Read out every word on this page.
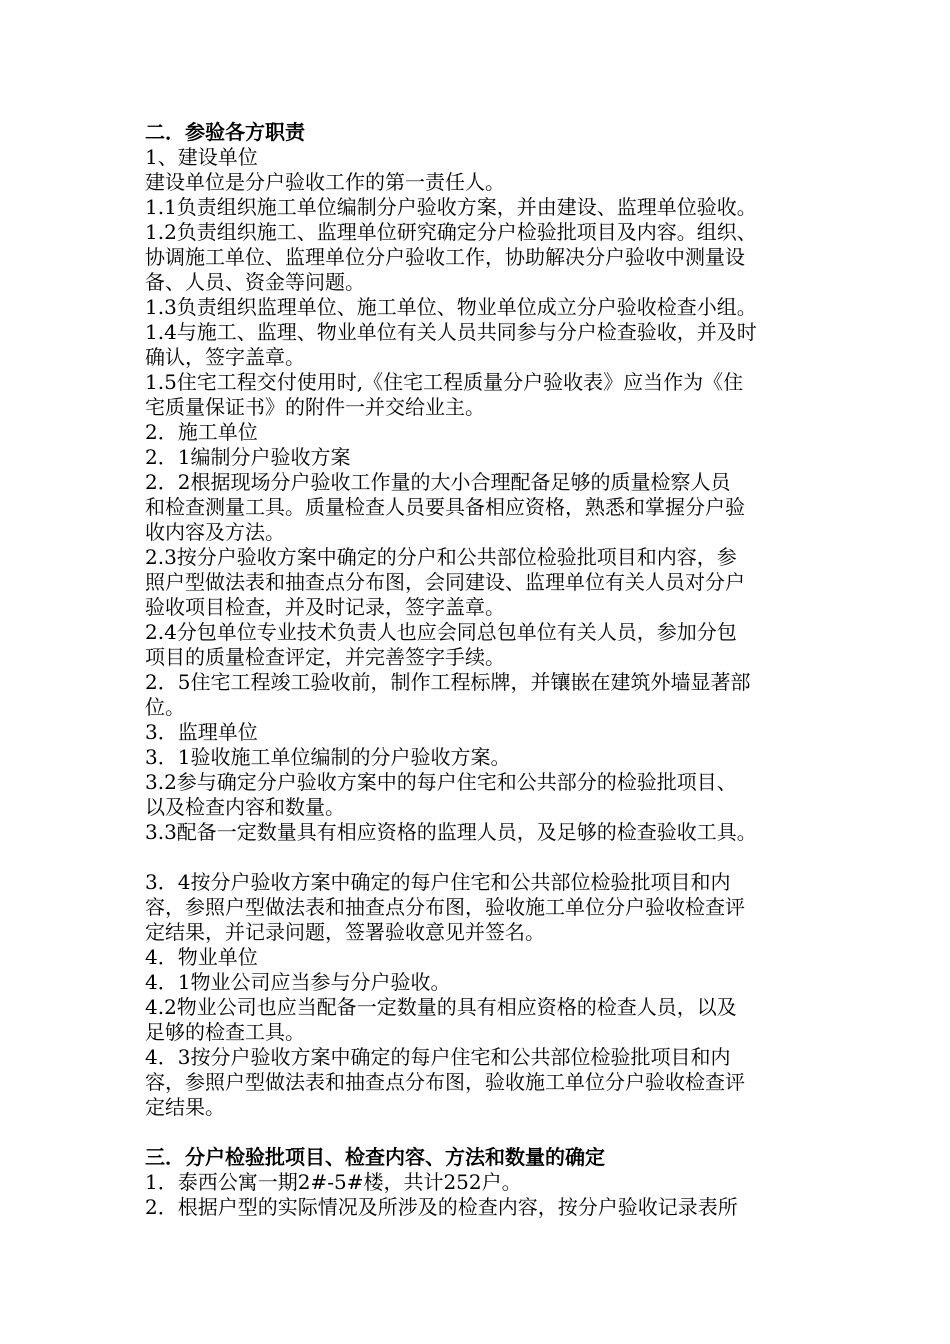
二．参验各方职责

1、建设单位

建设单位是分户验收工作的第一责任人。

1.1负责组织施工单位编制分户验收方案，并由建设、监理单位验收。

1.2负责组织施工、监理单位研究确定分户检验批项目及内容。组织、

协调施工单位、监理单位分户验收工作，协助解决分户验收中测量设

备、人员、资金等问题。

1.3负责组织监理单位、施工单位、物业单位成立分户验收检查小组。

1.4与施工、监理、物业单位有关人员共同参与分户检查验收，并及时

确认，签字盖章。

1.5住宅工程交付使用时,《住宅工程质量分户验收表》应当作为《住

宅质量保证书》的附件一并交给业主。

2．施工单位

2．1编制分户验收方案

2．2根据现场分户验收工作量的大小合理配备足够的质量检察人员

和检查测量工具。质量检查人员要具备相应资格，熟悉和掌握分户验

收内容及方法。

2.3按分户验收方案中确定的分户和公共部位检验批项目和内容，参

照户型做法表和抽查点分布图，会同建设、监理单位有关人员对分户

验收项目检查，并及时记录，签字盖章。

2.4分包单位专业技术负责人也应会同总包单位有关人员，参加分包

项目的质量检查评定，并完善签字手续。

2．5住宅工程竣工验收前，制作工程标牌，并镶嵌在建筑外墙显著部

位。

3．监理单位

3．1验收施工单位编制的分户验收方案。

3.2参与确定分户验收方案中的每户住宅和公共部分的检验批项目、

以及检查内容和数量。

3.3配备一定数量具有相应资格的监理人员，及足够的检查验收工具。

3．4按分户验收方案中确定的每户住宅和公共部位检验批项目和内

容，参照户型做法表和抽查点分布图，验收施工单位分户验收检查评

定结果，并记录问题，签署验收意见并签名。

4．物业单位

4．1物业公司应当参与分户验收。

4.2物业公司也应当配备一定数量的具有相应资格的检查人员，以及

足够的检查工具。

4．3按分户验收方案中确定的每户住宅和公共部位检验批项目和内

容，参照户型做法表和抽查点分布图，验收施工单位分户验收检查评

定结果。

三．分户检验批项目、检查内容、方法和数量的确定

1．泰西公寓一期2#-5#楼，共计252户。

2．根据户型的实际情况及所涉及的检查内容，按分户验收记录表所
